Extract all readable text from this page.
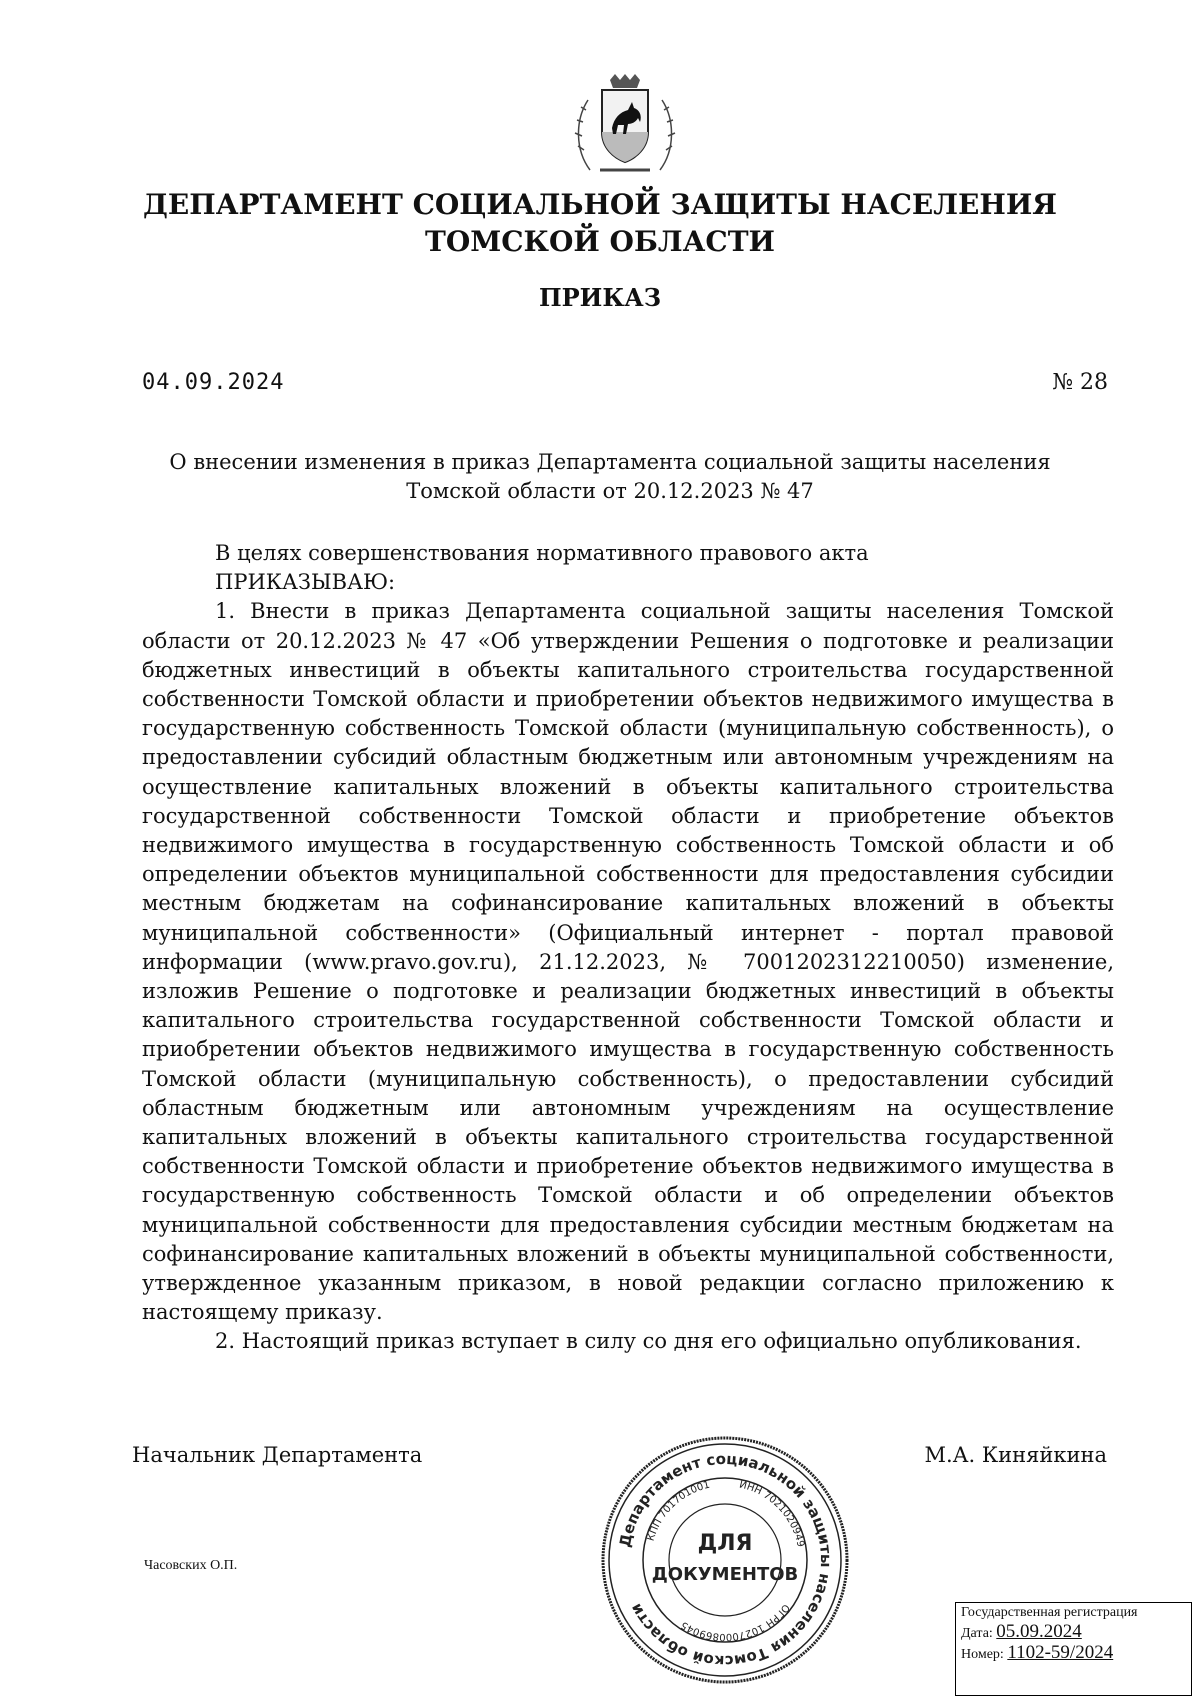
ДЕПАРТАМЕНТ СОЦИАЛЬНОЙ ЗАЩИТЫ НАСЕЛЕНИЯ
ТОМСКОЙ ОБЛАСТИ
ПРИКАЗ
04.09.2024	№ 28
О внесении изменения в приказ Департамента социальной защиты населения
Томской области от 20.12.2023 № 47

В целях совершенствования нормативного правового акта

ПРИКАЗЫВАЮ:

1. Внести в приказ Департамента социальной защиты населения Томской области от 20.12.2023 № 47 «Об утверждении Решения о подготовке и реализации бюджетных инвестиций в объекты капитального строительства государственной собственности Томской области и приобретении объектов недвижимого имущества в государственную собственность Томской области (муниципальную собственность), о предоставлении субсидий областным бюджетным или автономным учреждениям на осуществление капитальных вложений в объекты капитального строительства государственной собственности Томской области и приобретение объектов недвижимого имущества в государственную собственность Томской области и об определении объектов муниципальной собственности для предоставления субсидии местным бюджетам на софинансирование капитальных вложений в объекты муниципальной собственности» (Официальный интернет - портал правовой информации (www.pravo.gov.ru), 21.12.2023, № 7001202312210050) изменение, изложив Решение о подготовке и реализации бюджетных инвестиций в объекты капитального строительства государственной собственности Томской области и приобретении объектов недвижимого имущества в государственную собственность Томской области (муниципальную собственность), о предоставлении субсидий областным бюджетным или автономным учреждениям на осуществление капитальных вложений в объекты капитального строительства государственной собственности Томской области и приобретение объектов недвижимого имущества в государственную собственность Томской области и об определении объектов муниципальной собственности для предоставления субсидии местным бюджетам на софинансирование капитальных вложений в объекты муниципальной собственности, утвержденное указанным приказом, в новой редакции согласно приложению к настоящему приказу.

2. Настоящий приказ вступает в силу со дня его официально опубликования.

Начальник Департамента	М.А. Киняйкина
Часовских О.П.
Департамент социальной защиты населения Томской области
КПП 701701001	ИНН 7021020949
ОГРН 1027000869045
ДЛЯ
ДОКУМЕНТОВ
Государственная регистрация
Дата: 05.09.2024
Номер: 1102-59/2024
